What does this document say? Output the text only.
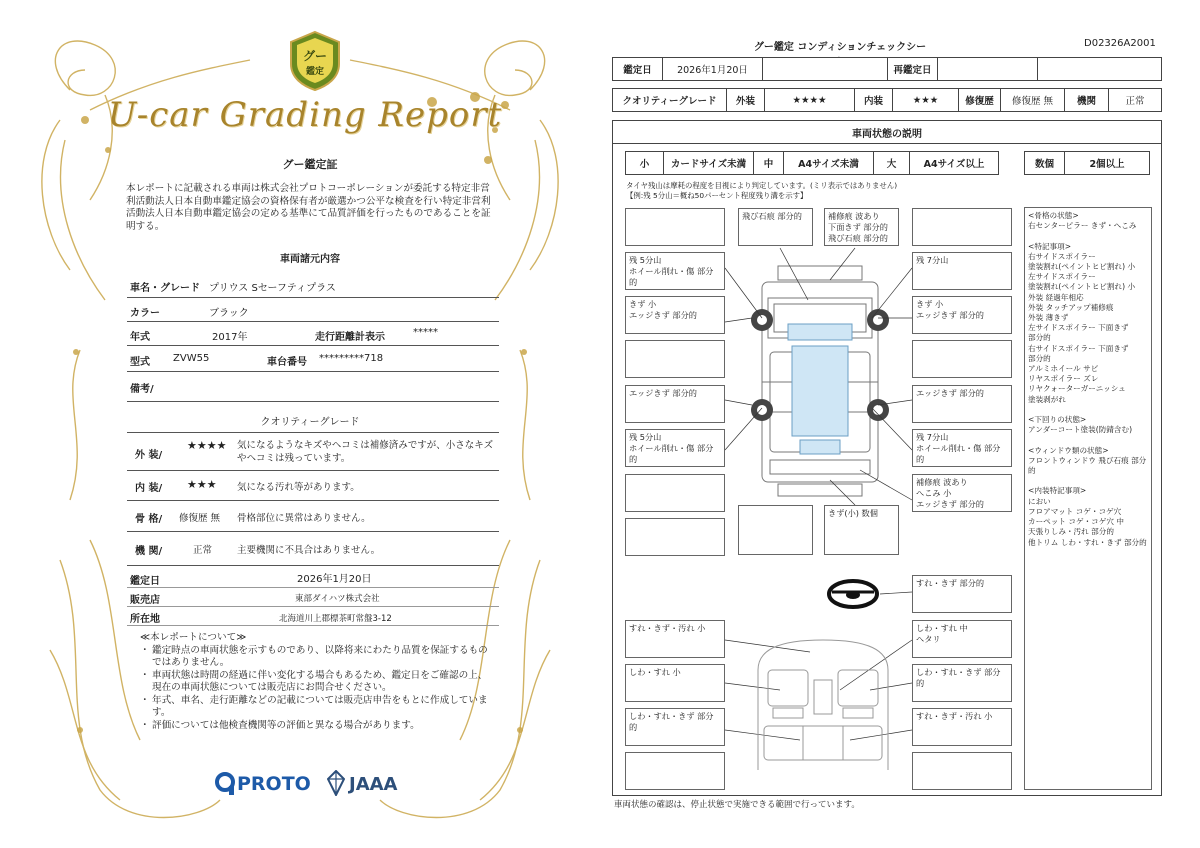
グー
鑑定
U-car Grading Report
グー鑑定証
本レポートに記載される車両は株式会社プロトコーポレーションが委託する特定非営利活動法人日本自動車鑑定協会の資格保有者が厳選かつ公平な検査を行い特定非営利活動法人日本自動車鑑定協会の定める基準にて品質評価を行ったものであることを証明する。
車両諸元内容
車名・グレード プリウス Sセーフティプラス
カラー	ブラック
年式	2017年	走行距離計表示	*****
型式 ZVW55	車台番号 *********718
備考/
クオリティーグレード
外 装/
★★★★ 気になるようなキズやヘコミは補修済みですが、小さなキズやヘコミは残っています。
内 装/ ★★★ 気になる汚れ等があります。
骨 格/ 修復歴 無 骨格部位に異常はありません。
機 関/	正常	主要機関に不具合はありません。
鑑定日	2026年1月20日
販売店	東部ダイハツ株式会社
所在地	北海道川上郡標茶町常盤3-12
≪本レポートについて≫
・ 鑑定時点の車両状態を示すものであり、以降将来にわたり品質を保証するものではありません。
・ 車両状態は時間の経過に伴い変化する場合もあるため、鑑定日をご確認の上、現在の車両状態については販売店にお問合せください。
・ 年式、車名、走行距離などの記載については販売店申告をもとに作成しています。
・ 評価については他検査機関等の評価と異なる場合があります。
PROTO JAAA
グー鑑定 コンディションチェックシー	D02326A2001
鑑定日	2026年1月20日	再鑑定日
クオリティーグレード	外装	★★★★	内装	★★★	修復歴	修復歴 無	機関	正常
車両状態の説明
小	カードサイズ未満	中	A4サイズ未満	大	A4サイズ以上	数個	2個以上
タイヤ残山は摩耗の程度を目視により判定しています。(ミリ表示ではありません)
【例:残 5分山＝概ね50パーセント程度残り溝を示す】
飛び石痕 部分的	補修痕 波あり
下面きず 部分的
飛び石痕 部分的
残 5分山
ホイール削れ・傷 部分的
きず 小
エッジきず 部分的
エッジきず 部分的
残 5分山
ホイール削れ・傷 部分的
残 7分山
きず 小
エッジきず 部分的
エッジきず 部分的
残 7分山
ホイール削れ・傷 部分的
補修痕 波あり
へこみ 小
エッジきず 部分的
きず(小) 数個
すれ・きず 部分的
すれ・きず・汚れ 小	しわ・すれ 中
ヘタリ
しわ・すれ 小	しわ・すれ・きず 部分的
しわ・すれ・きず 部分的
すれ・きず・汚れ 小
<骨格の状態>
右センターピラー きず・へこみ

<特記事項>
右サイドスポイラー
塗装割れ(ペイントヒビ割れ) 小
左サイドスポイラー
塗装割れ(ペイントヒビ割れ) 小
外装 経過年相応
外装 タッチアップ補修痕
外装 薄きず
左サイドスポイラー 下面きず
部分的
右サイドスポイラー 下面きず
部分的
アルミホイール サビ
リヤスポイラー ズレ
リヤクォーターガーニッシュ
塗装剥がれ

<下回りの状態>
アンダーコート塗装(防錆含む)

<ウィンドウ類の状態>
フロントウィンドウ 飛び石痕 部分的

<内装特記事項>
におい
フロアマット コゲ・コゲ穴
カーペット コゲ・コゲ穴 中
天張りしみ・汚れ 部分的
他トリム しわ・すれ・きず 部分的
車両状態の確認は、停止状態で実施できる範囲で行っています。
